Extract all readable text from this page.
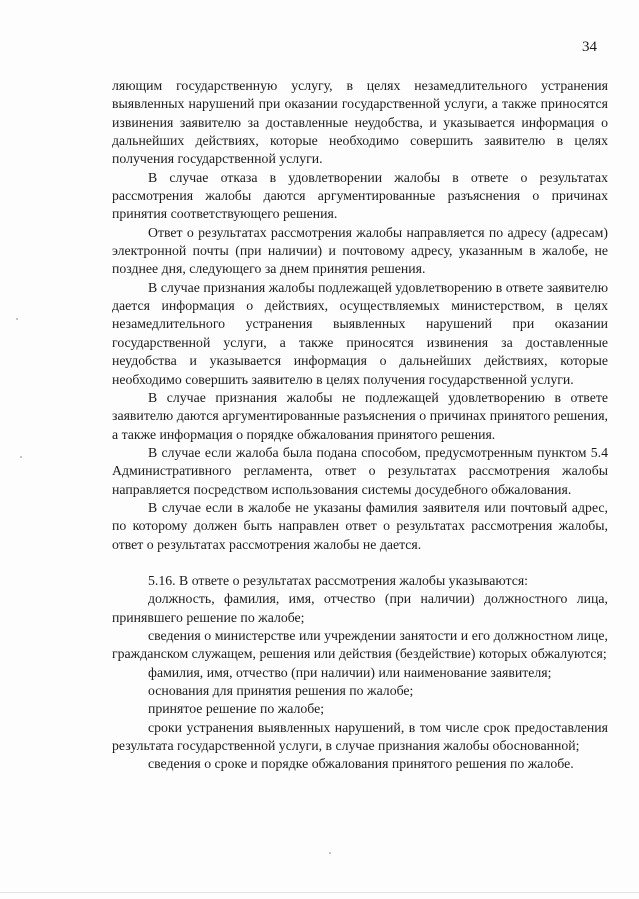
34

ляющим государственную услугу, в целях незамедлительного устранения выявленных нарушений при оказании государственной услуги, а также приносятся извинения заявителю за доставленные неудобства, и указывается информация о дальнейших действиях, которые необходимо совершить заявителю в целях получения государственной услуги.

В случае отказа в удовлетворении жалобы в ответе о результатах рассмотрения жалобы даются аргументированные разъяснения о причинах принятия соответствующего решения.

Ответ о результатах рассмотрения жалобы направляется по адресу (адресам) электронной почты (при наличии) и почтовому адресу, указанным в жалобе, не позднее дня, следующего за днем принятия решения.

В случае признания жалобы подлежащей удовлетворению в ответе заявителю дается информация о действиях, осуществляемых министерством, в целях незамедлительного устранения выявленных нарушений при оказании государственной услуги, а также приносятся извинения за доставленные неудобства и указывается информация о дальнейших действиях, которые необходимо совершить заявителю в целях получения государственной услуги.

В случае признания жалобы не подлежащей удовлетворению в ответе заявителю даются аргументированные разъяснения о причинах принятого решения, а также информация о порядке обжалования принятого решения.

В случае если жалоба была подана способом, предусмотренным пунктом 5.4 Административного регламента, ответ о результатах рассмотрения жалобы направляется посредством использования системы досудебного обжалования.

В случае если в жалобе не указаны фамилия заявителя или почтовый адрес, по которому должен быть направлен ответ о результатах рассмотрения жалобы, ответ о результатах рассмотрения жалобы не дается.

5.16. В ответе о результатах рассмотрения жалобы указываются:

должность, фамилия, имя, отчество (при наличии) должностного лица, принявшего решение по жалобе;

сведения о министерстве или учреждении занятости и его должностном лице, гражданском служащем, решения или действия (бездействие) которых обжалуются;

фамилия, имя, отчество (при наличии) или наименование заявителя;

основания для принятия решения по жалобе;

принятое решение по жалобе;

сроки устранения выявленных нарушений, в том числе срок предоставления результата государственной услуги, в случае признания жалобы обоснованной;

сведения о сроке и порядке обжалования принятого решения по жалобе.
